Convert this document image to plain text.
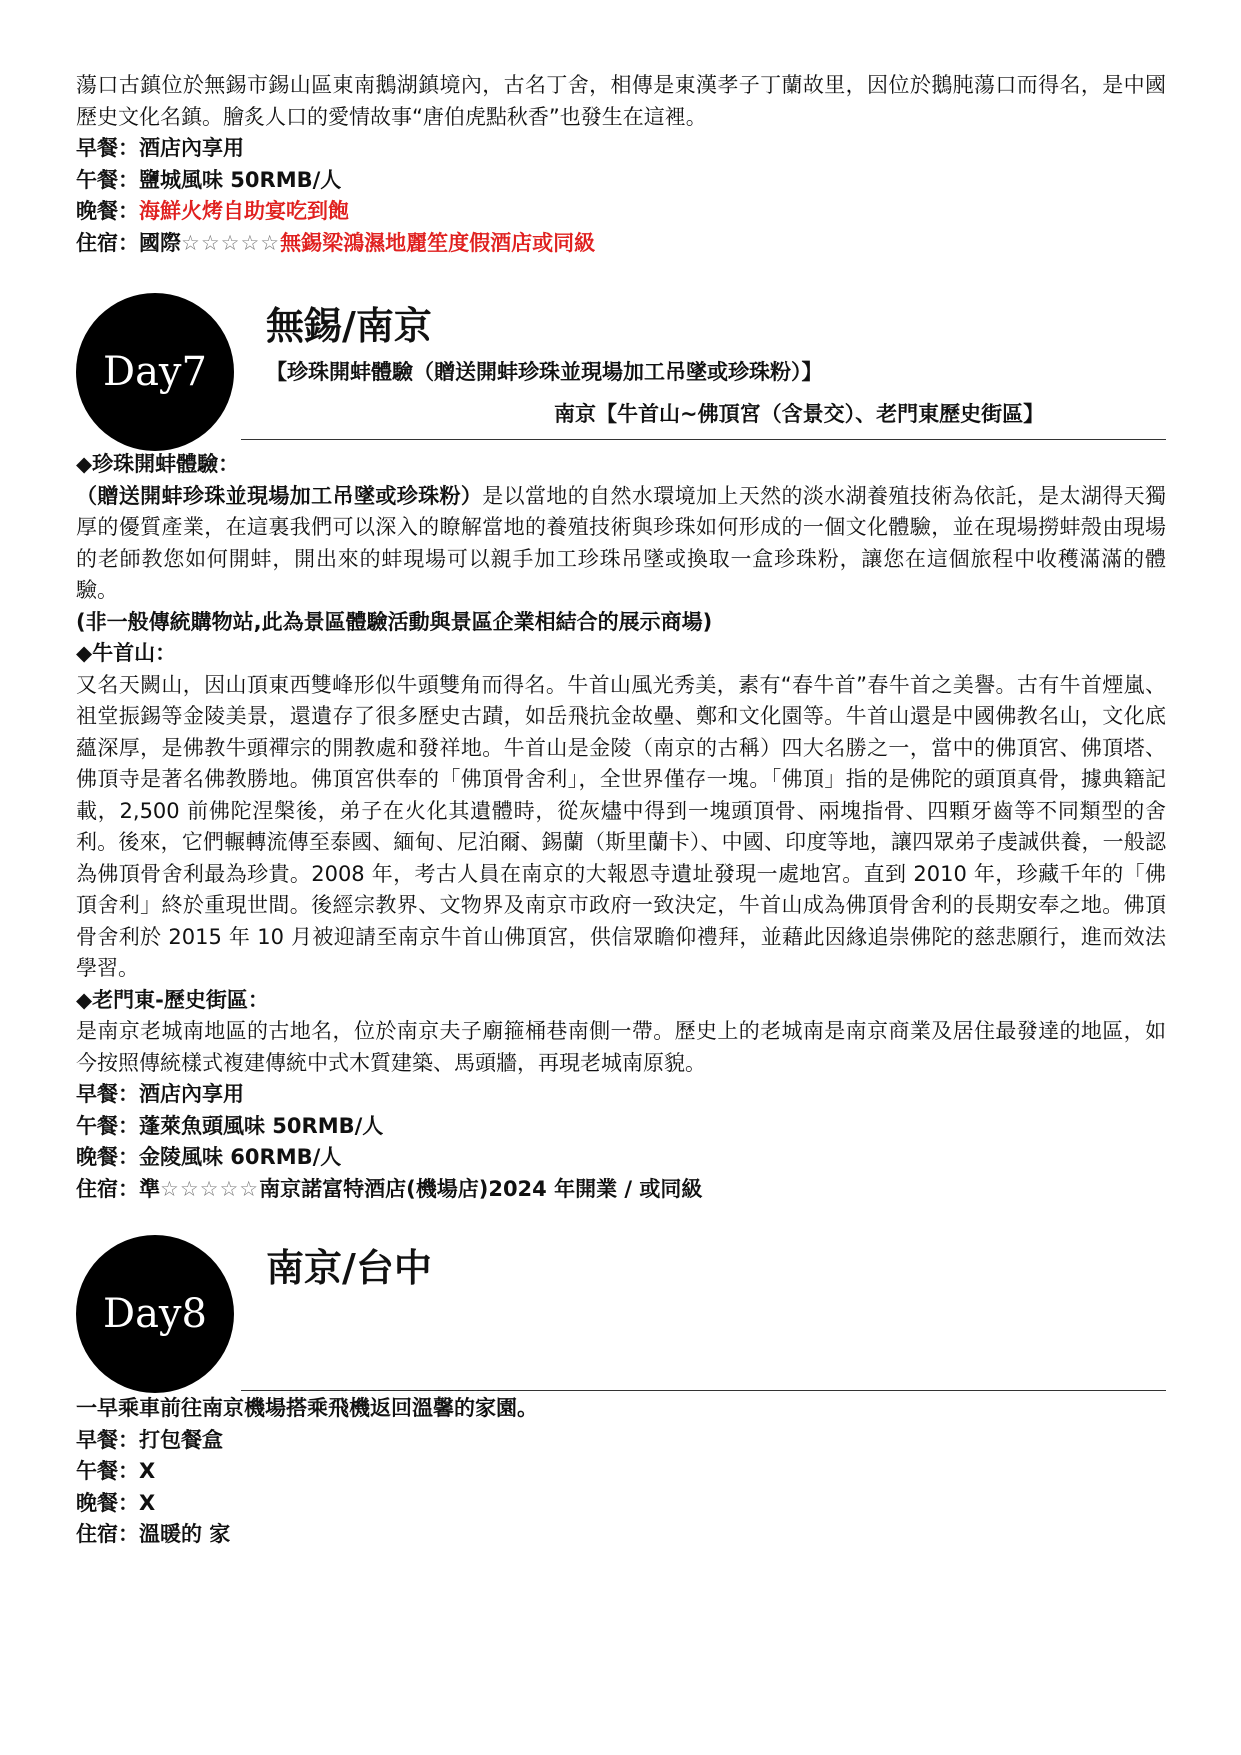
蕩口古鎮位於無錫市錫山區東南鵝湖鎮境內，古名丁舍，相傳是東漢孝子丁蘭故里，因位於鵝肫蕩口而得名，是中國歷史文化名鎮。膾炙人口的愛情故事“唐伯虎點秋香”也發生在這裡。

早餐：酒店內享用

午餐：鹽城風味 50RMB/人

晚餐：海鮮火烤自助宴吃到飽

住宿：國際☆☆☆☆☆無錫梁鴻濕地麗笙度假酒店或同級

Day7
無錫/南京
【珍珠開蚌體驗（贈送開蚌珍珠並現場加工吊墜或珍珠粉）】
南京【牛首山~佛頂宮（含景交）、老門東歷史街區】

◆珍珠開蚌體驗：

（贈送開蚌珍珠並現場加工吊墜或珍珠粉）是以當地的自然水環境加上天然的淡水湖養殖技術為依託，是太湖得天獨厚的優質產業，在這裏我們可以深入的瞭解當地的養殖技術與珍珠如何形成的一個文化體驗，並在現場撈蚌殼由現場的老師教您如何開蚌，開出來的蚌現場可以親手加工珍珠吊墜或換取一盒珍珠粉，讓您在這個旅程中收穫滿滿的體驗。

(非一般傳統購物站,此為景區體驗活動與景區企業相結合的展示商場)

◆牛首山：

又名天闕山，因山頂東西雙峰形似牛頭雙角而得名。牛首山風光秀美，素有“春牛首”春牛首之美譽。古有牛首煙嵐、祖堂振錫等金陵美景，還遺存了很多歷史古蹟，如岳飛抗金故壘、鄭和文化園等。牛首山還是中國佛教名山，文化底蘊深厚，是佛教牛頭禪宗的開教處和發祥地。牛首山是金陵（南京的古稱）四大名勝之一，當中的佛頂宮、佛頂塔、佛頂寺是著名佛教勝地。佛頂宮供奉的「佛頂骨舍利」，全世界僅存一塊。「佛頂」指的是佛陀的頭頂真骨，據典籍記載，2,500 前佛陀涅槃後，弟子在火化其遺體時，從灰燼中得到一塊頭頂骨、兩塊指骨、四顆牙齒等不同類型的舍利。後來，它們輾轉流傳至泰國、緬甸、尼泊爾、錫蘭（斯里蘭卡）、中國、印度等地，讓四眾弟子虔誠供養，一般認為佛頂骨舍利最為珍貴。2008 年，考古人員在南京的大報恩寺遺址發現一處地宮。直到 2010 年，珍藏千年的「佛頂舍利」終於重現世間。後經宗教界、文物界及南京市政府一致決定，牛首山成為佛頂骨舍利的長期安奉之地。佛頂骨舍利於 2015 年 10 月被迎請至南京牛首山佛頂宮，供信眾瞻仰禮拜，並藉此因緣追崇佛陀的慈悲願行，進而效法學習。

◆老門東-歷史街區：

是南京老城南地區的古地名，位於南京夫子廟箍桶巷南側一帶。歷史上的老城南是南京商業及居住最發達的地區，如今按照傳統樣式複建傳統中式木質建築、馬頭牆，再現老城南原貌。

早餐：酒店內享用

午餐：蓬萊魚頭風味 50RMB/人

晚餐：金陵風味 60RMB/人

住宿：準☆☆☆☆☆南京諾富特酒店(機場店)2024 年開業 / 或同級

Day8
南京/台中

一早乘車前往南京機場搭乘飛機返回溫馨的家園。

早餐：打包餐盒

午餐：X

晚餐：X

住宿：溫暖的 家
